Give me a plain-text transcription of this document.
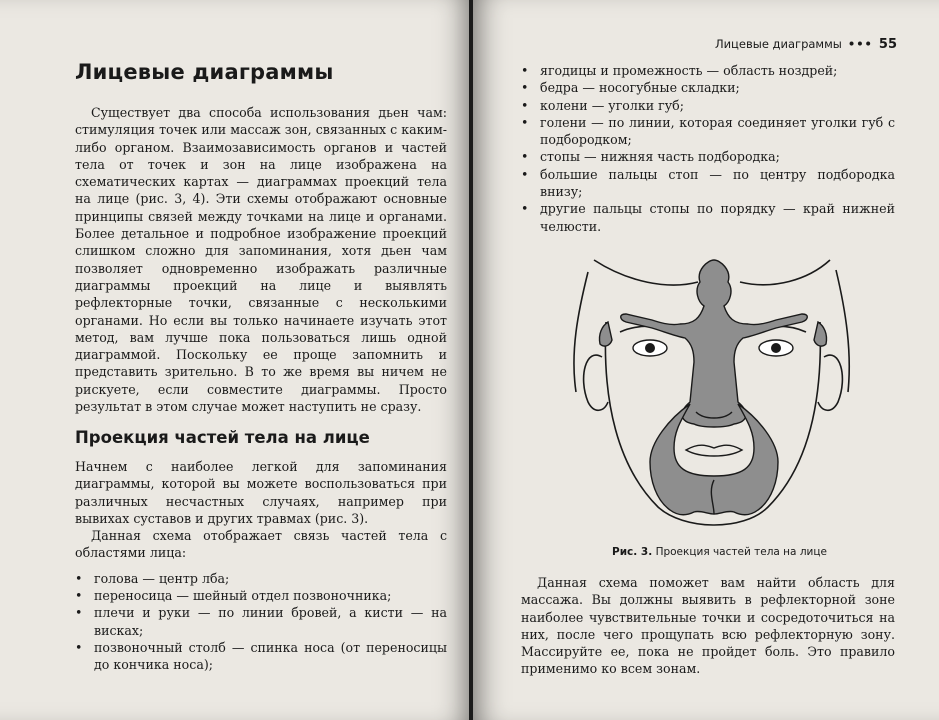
Лицевые диаграммы

Существует два способа использования дьен чам: стимуляция точек или массаж зон, связанных с каким-либо органом. Взаимозависимость органов и частей тела от точек и зон на лице изображена на схематических картах — диаграммах проекций тела на лице (рис. 3, 4). Эти схемы отображают основные принципы связей между точками на лице и органами. Более детальное и подробное изображение проекций слишком сложно для запоминания, хотя дьен чам позволяет одновременно изображать различные диаграммы проекций на лице и выявлять рефлекторные точки, связанные с несколькими органами. Но если вы только начинаете изучать этот метод, вам лучше пока пользоваться лишь одной диаграммой. Поскольку ее проще запомнить и представить зрительно. В то же время вы ничем не рискуете, если совместите диаграммы. Просто результат в этом случае может наступить не сразу.

Проекция частей тела на лице

Начнем с наиболее легкой для запоминания диаграммы, которой вы можете воспользоваться при различных несчастных случаях, например при вывихах суставов и других травмах (рис. 3).

Данная схема отображает связь частей тела с областями лица:

• голова — центр лба;
• переносица — шейный отдел позвоночника;
• плечи и руки — по линии бровей, а кисти — на висках;
• позвоночный столб — спинка носа (от переносицы до кончика носа);
Лицевые диаграммы ••• 55
• ягодицы и промежность — область ноздрей;
• бедра — носогубные складки;
• колени — уголки губ;
• голени — по линии, которая соединяет уголки губ с подбородком;
• стопы — нижняя часть подбородка;
• большие пальцы стоп — по центру подбородка внизу;
• другие пальцы стопы по порядку — край нижней челюсти.
Рис. 3. Проекция частей тела на лице

Данная схема поможет вам найти область для массажа. Вы должны выявить в рефлекторной зоне наиболее чувствительные точки и сосредоточиться на них, после чего прощупать всю рефлекторную зону. Массируйте ее, пока не пройдет боль. Это правило применимо ко всем зонам.
